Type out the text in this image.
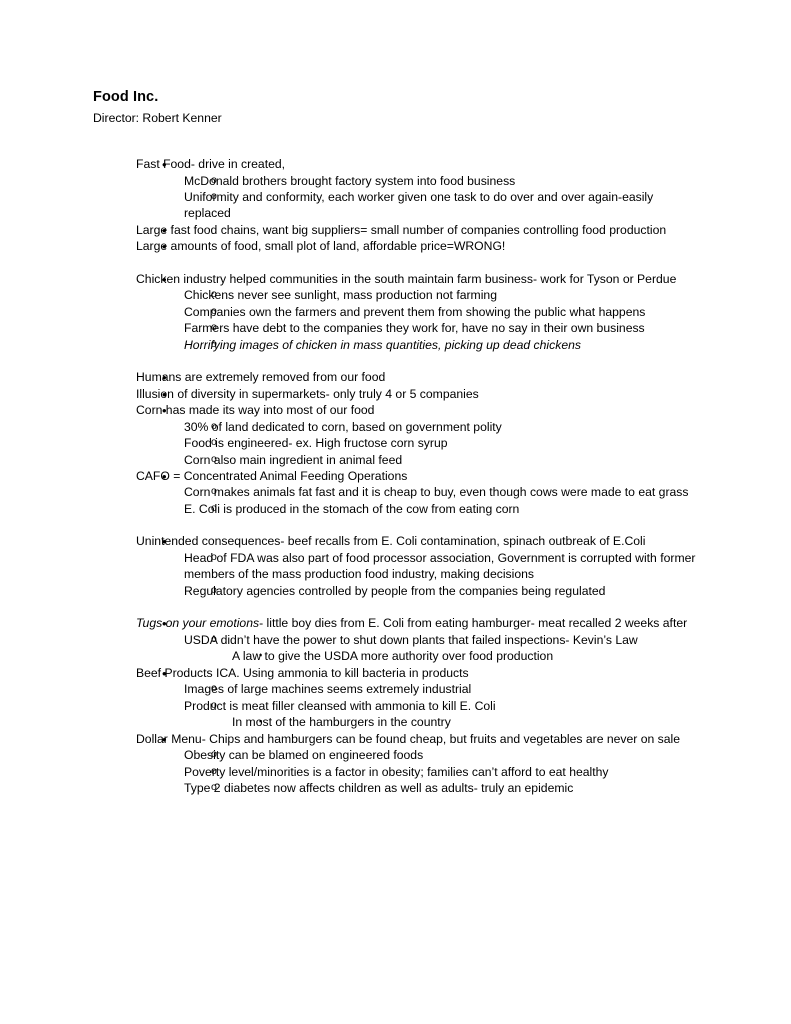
Food Inc.
Director: Robert Kenner
• Fast Food- drive in created,
o McDonald brothers brought factory system into food business
o Uniformity and conformity, each worker given one task to do over and over again-easily replaced
• Large fast food chains, want big suppliers= small number of companies controlling food production
• Large amounts of food, small plot of land, affordable price=WRONG!
• Chicken industry helped communities in the south maintain farm business- work for Tyson or Perdue
o Chickens never see sunlight, mass production not farming
o Companies own the farmers and prevent them from showing the public what happens
o Farmers have debt to the companies they work for, have no say in their own business
o Horrifying images of chicken in mass quantities, picking up dead chickens
• Humans are extremely removed from our food
• Illusion of diversity in supermarkets- only truly 4 or 5 companies
• Corn has made its way into most of our food
o 30% of land dedicated to corn, based on government polity
o Food is engineered- ex. High fructose corn syrup
o Corn also main ingredient in animal feed
• CAFO = Concentrated Animal Feeding Operations
o Corn makes animals fat fast and it is cheap to buy, even though cows were made to eat grass
o E. Coli is produced in the stomach of the cow from eating corn
• Unintended consequences- beef recalls from E. Coli contamination, spinach outbreak of E.Coli
o Head of FDA was also part of food processor association, Government is corrupted with former members of the mass production food industry, making decisions
o Regulatory agencies controlled by people from the companies being regulated
• Tugs on your emotions- little boy dies from E. Coli from eating hamburger- meat recalled 2 weeks after
o USDA didn’t have the power to shut down plants that failed inspections- Kevin’s Law
▪ A law to give the USDA more authority over food production
• Beef Products ICA. Using ammonia to kill bacteria in products
o Images of large machines seems extremely industrial
o Product is meat filler cleansed with ammonia to kill E. Coli
▪ In most of the hamburgers in the country
• Dollar Menu- Chips and hamburgers can be found cheap, but fruits and vegetables are never on sale
o Obesity can be blamed on engineered foods
o Poverty level/minorities is a factor in obesity; families can’t afford to eat healthy
o Type 2 diabetes now affects children as well as adults- truly an epidemic
